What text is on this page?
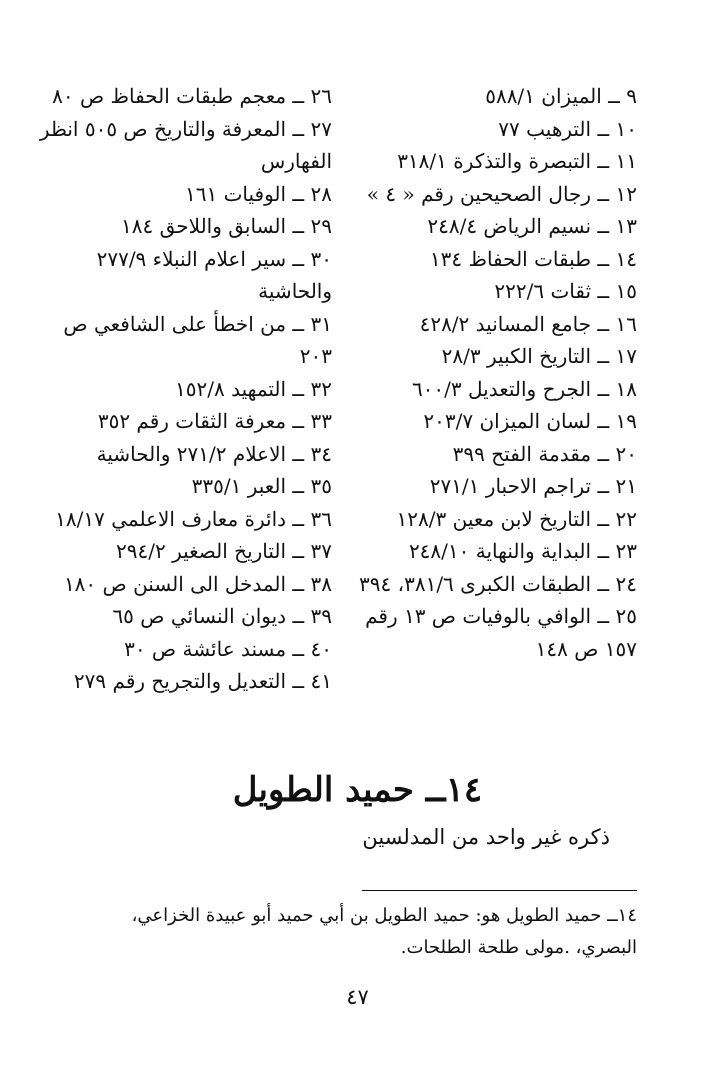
٩ ــ الميزان ٥٨٨/١
١٠ ــ الترهيب ٧٧
١١ ــ التبصرة والتذكرة ٣١٨/١
١٢ ــ رجال الصحيحين رقم « ٤ »
١٣ ــ نسيم الرياض ٢٤٨/٤
١٤ ــ طبقات الحفاظ ١٣٤
١٥ ــ ثقات ٢٢٢/٦
١٦ ــ جامع المسانيد ٤٢٨/٢
١٧ ــ التاريخ الكبير ٢٨/٣
١٨ ــ الجرح والتعديل ٦٠٠/٣
١٩ ــ لسان الميزان ٢٠٣/٧
٢٠ ــ مقدمة الفتح ٣٩٩
٢١ ــ تراجم الاحبار ٢٧١/١
٢٢ ــ التاريخ لابن معين ١٢٨/٣
٢٣ ــ البداية والنهاية ٢٤٨/١٠
٢٤ ــ الطبقات الكبرى ٣٨١/٦، ٣٩٤
٢٥ ــ الوافي بالوفيات ص ١٣ رقم ١٥٧ ص ١٤٨
٢٦ ــ معجم طبقات الحفاظ ص ٨٠
٢٧ ــ المعرفة والتاريخ ص ٥٠٥ انظر الفهارس
٢٨ ــ الوفيات ١٦١
٢٩ ــ السابق واللاحق ١٨٤
٣٠ ــ سير اعلام النبلاء ٢٧٧/٩ والحاشية
٣١ ــ من اخطأ على الشافعي ص ٢٠٣
٣٢ ــ التمهيد ١٥٢/٨
٣٣ ــ معرفة الثقات رقم ٣٥٢
٣٤ ــ الاعلام ٢٧١/٢ والحاشية
٣٥ ــ العبر ٣٣٥/١
٣٦ ــ دائرة معارف الاعلمي ١٨/١٧
٣٧ ــ التاريخ الصغير ٢٩٤/٢
٣٨ ــ المدخل الى السنن ص ١٨٠
٣٩ ــ ديوان النسائي ص ٦٥
٤٠ ــ مسند عائشة ص ٣٠
٤١ ــ التعديل والتجريح رقم ٢٧٩
١٤ــ حميد الطويل

ذكره غير واحد من المدلسين

١٤ــ حميد الطويل هو: حميد الطويل بن أبي حميد أبو عبيدة الخزاعي، البصري، .مولى طلحة الطلحات.

٤٧
